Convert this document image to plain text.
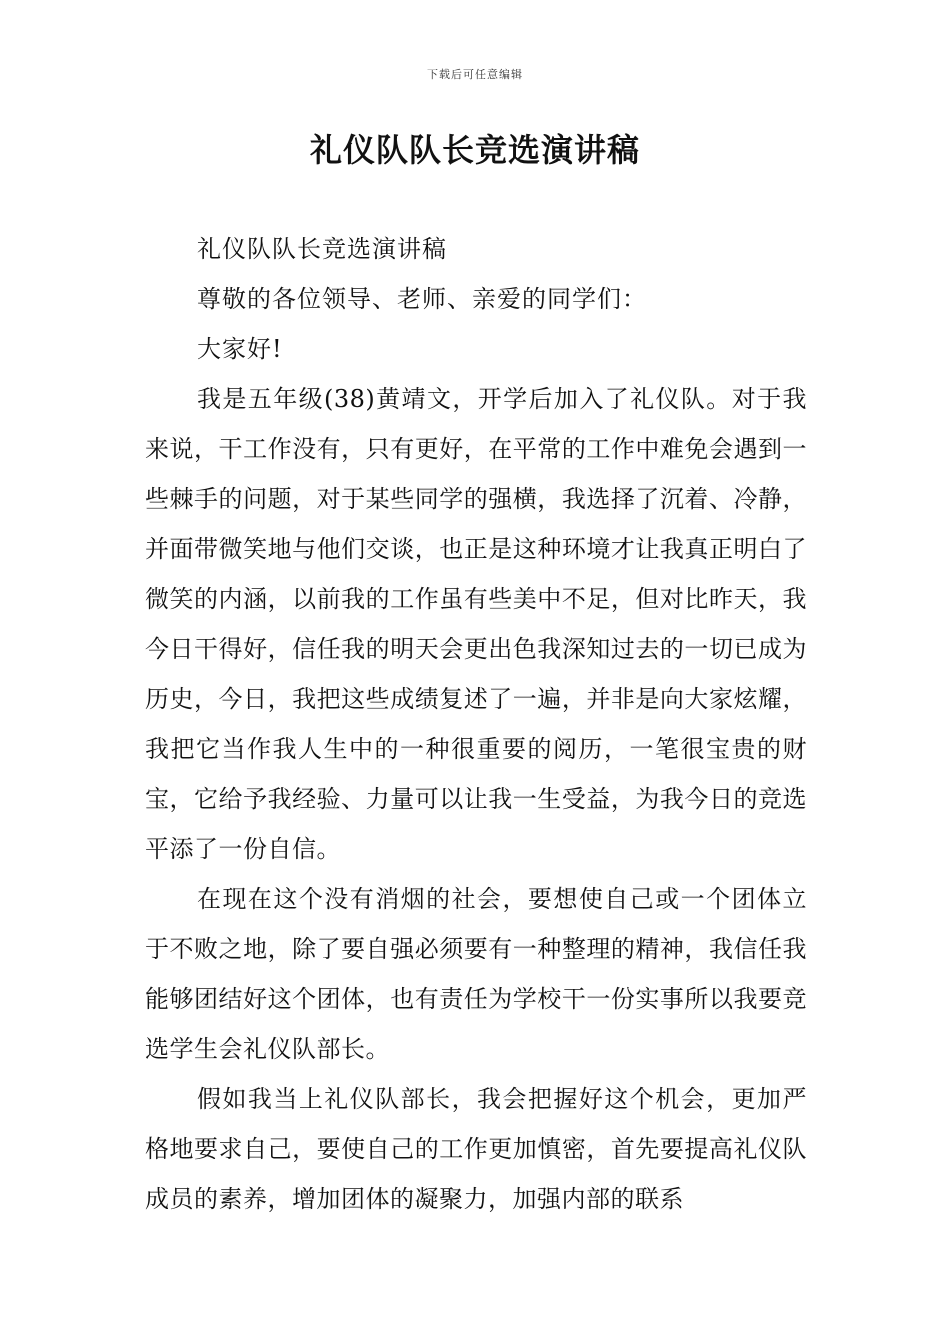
下载后可任意编辑
礼仪队队长竞选演讲稿

礼仪队队长竞选演讲稿

尊敬的各位领导、老师、亲爱的同学们：

大家好!

我是五年级(38)黄靖文，开学后加入了礼仪队。对于我来说，干工作没有，只有更好，在平常的工作中难免会遇到一些棘手的问题，对于某些同学的强横，我选择了沉着、冷静，并面带微笑地与他们交谈，也正是这种环境才让我真正明白了微笑的内涵，以前我的工作虽有些美中不足，但对比昨天，我今日干得好，信任我的明天会更出色我深知过去的一切已成为历史，今日，我把这些成绩复述了一遍，并非是向大家炫耀，我把它当作我人生中的一种很重要的阅历，一笔很宝贵的财宝，它给予我经验、力量可以让我一生受益，为我今日的竞选平添了一份自信。

在现在这个没有消烟的社会，要想使自己或一个团体立于不败之地，除了要自强必须要有一种整理的精神，我信任我能够团结好这个团体，也有责任为学校干一份实事所以我要竞选学生会礼仪队部长。

假如我当上礼仪队部长，我会把握好这个机会，更加严格地要求自己，要使自己的工作更加慎密，首先要提高礼仪队成员的素养，增加团体的凝聚力，加强内部的联系
